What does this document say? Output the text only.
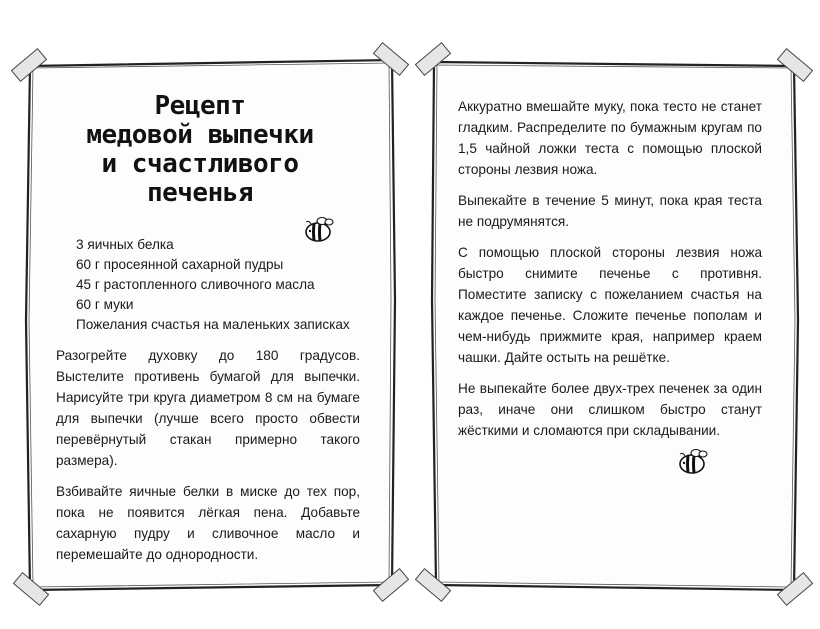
Рецепт
медовой выпечки
и счастливого
печенья
3 яичных белка
60 г просеянной сахарной пудры
45 г растопленного сливочного масла
60 г муки
Пожелания счастья на маленьких записках

Разогрейте духовку до 180 градусов. Выстелите противень бумагой для выпечки. Нарисуйте три круга диаметром 8 см на бумаге для выпечки (лучше всего просто обвести перевёрнутый стакан примерно такого размера).

Взбивайте яичные белки в миске до тех пор, пока не появится лёгкая пена. Добавьте сахарную пудру и сливочное масло и перемешайте до однородности.

Аккуратно вмешайте муку, пока тесто не станет гладким. Распределите по бумажным кругам по 1,5 чайной ложки теста с помощью плоской стороны лезвия ножа.

Выпекайте в течение 5 минут, пока края теста не подрумянятся.

С помощью плоской стороны лезвия ножа быстро снимите печенье с противня. Поместите записку с пожеланием счастья на каждое печенье. Сложите печенье пополам и чем-нибудь прижмите края, например краем чашки. Дайте остыть на решётке.

Не выпекайте более двух-трех печенек за один раз, иначе они слишком быстро станут жёсткими и сломаются при складывании.
